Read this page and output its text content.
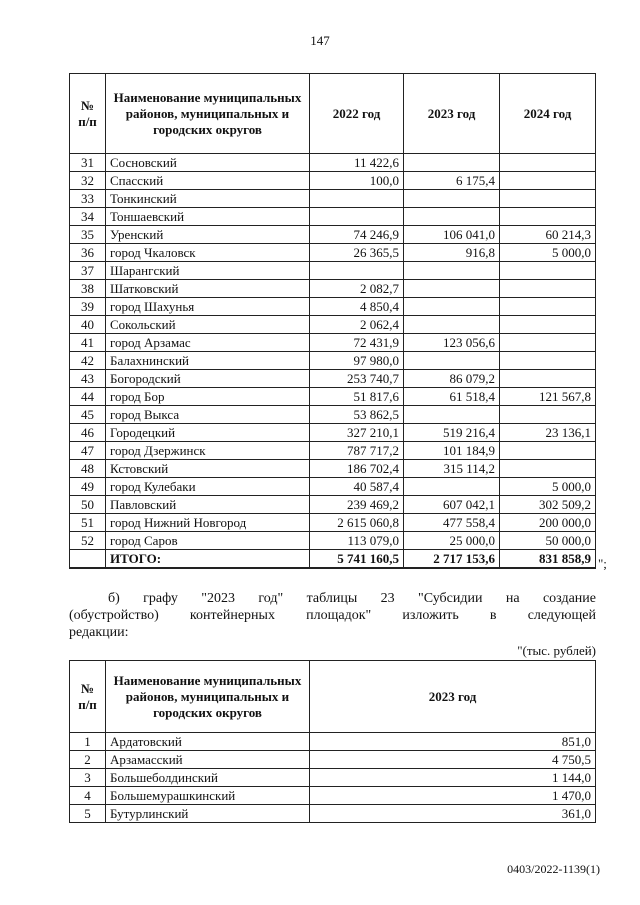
147
№ п/п	Наименование муниципальных районов, муниципальных и городских округов	2022 год	2023 год	2024 год
31	Сосновский	11 422,6		
32	Спасский	100,0	6 175,4	
33	Тонкинский			
34	Тоншаевский			
35	Уренский	74 246,9	106 041,0	60 214,3
36	город Чкаловск	26 365,5	916,8	5 000,0
37	Шарангский			
38	Шатковский	2 082,7		
39	город Шахунья	4 850,4		
40	Сокольский	2 062,4		
41	город Арзамас	72 431,9	123 056,6	
42	Балахнинский	97 980,0		
43	Богородский	253 740,7	86 079,2	
44	город Бор	51 817,6	61 518,4	121 567,8
45	город Выкса	53 862,5		
46	Городецкий	327 210,1	519 216,4	23 136,1
47	город Дзержинск	787 717,2	101 184,9	
48	Кстовский	186 702,4	315 114,2	
49	город Кулебаки	40 587,4		5 000,0
50	Павловский	239 469,2	607 042,1	302 509,2
51	город Нижний Новгород	2 615 060,8	477 558,4	200 000,0
52	город Саров	113 079,0	25 000,0	50 000,0
	ИТОГО:	5 741 160,5	2 717 153,6	831 858,9 ";
б) графу "2023 год" таблицы 23 "Субсидии на создание
(обустройство) контейнерных площадок" изложить в следующей
редакции:
"(тыс. рублей)
№ п/п	Наименование муниципальных районов, муниципальных и городских округов	2023 год
1	Ардатовский	851,0
2	Арзамасский	4 750,5
3	Большеболдинский	1 144,0
4	Большемурашкинский	1 470,0
5	Бутурлинский	361,0
0403/2022-1139(1)
